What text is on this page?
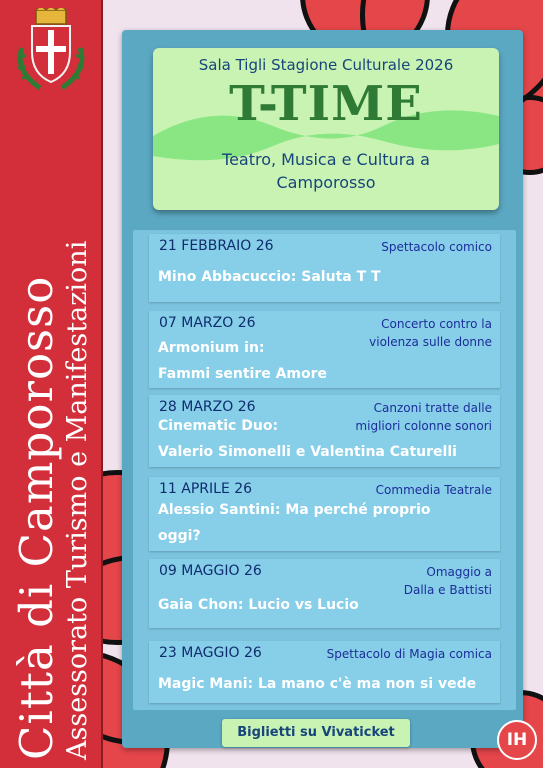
Città di Camporosso Assessorato Turismo e Manifestazioni
Sala Tigli Stagione Culturale 2026
T-TIME
Teatro, Musica e Cultura a
Camporosso
21 FEBBRAIO 26	Spettacolo comico
Mino Abbacuccio: Saluta T T
07 MARZO 26	Concerto contro la
violenza sulle donne
Armonium in:
Fammi sentire Amore
28 MARZO 26	Canzoni tratte dalle
migliori colonne sonori
Cinematic Duo:
Valerio Simonelli e Valentina Caturelli
11 APRILE 26	Commedia Teatrale
Alessio Santini: Ma perché proprio
oggi?
09 MAGGIO 26	Omaggio a
Dalla e Battisti
Gaia Chon: Lucio vs Lucio
23 MAGGIO 26	Spettacolo di Magia comica
Magic Mani: La mano c'è ma non si vede
Biglietti su Vivaticket	IH
